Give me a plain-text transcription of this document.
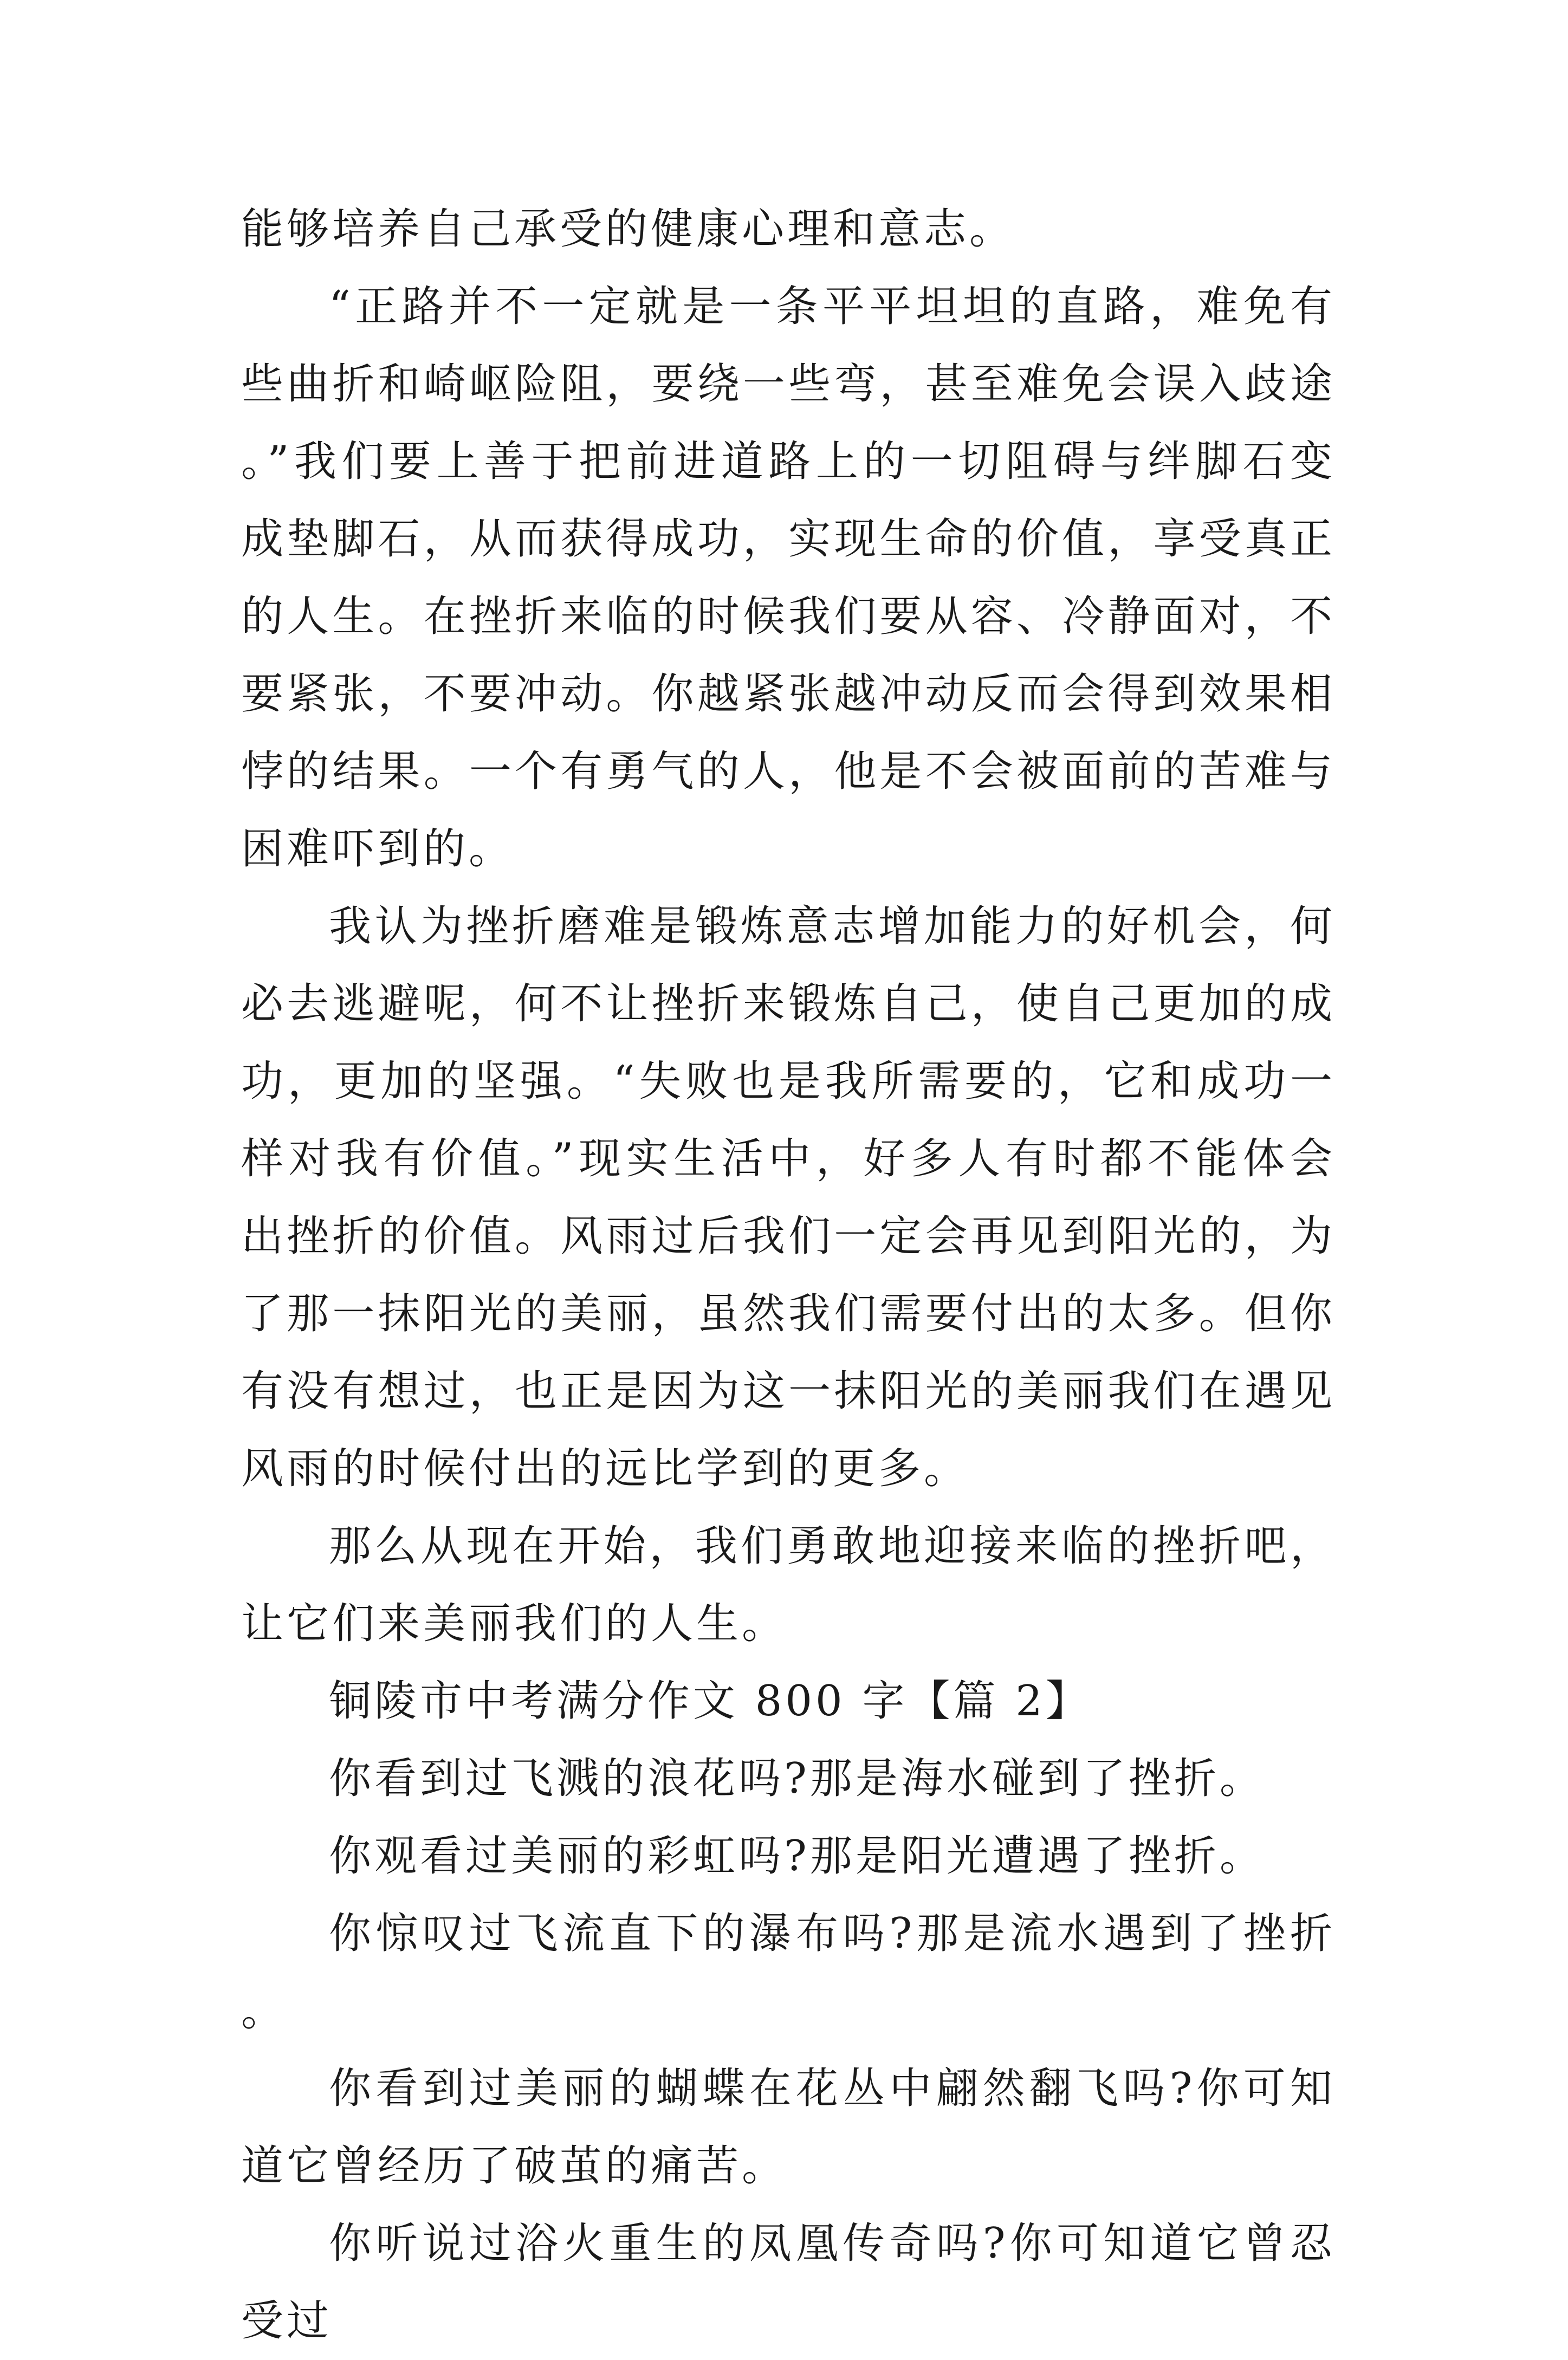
能够培养自己承受的健康心理和意志。

“正路并不一定就是一条平平坦坦的直路，难免有些曲折和崎岖险阻，要绕一些弯，甚至难免会误入歧途。”我们要上善于把前进道路上的一切阻碍与绊脚石变成垫脚石，从而获得成功，实现生命的价值，享受真正的人生。在挫折来临的时候我们要从容、冷静面对，不要紧张，不要冲动。你越紧张越冲动反而会得到效果相悖的结果。一个有勇气的人，他是不会被面前的苦难与困难吓到的。

我认为挫折磨难是锻炼意志增加能力的好机会，何必去逃避呢，何不让挫折来锻炼自己，使自己更加的成功，更加的坚强。“失败也是我所需要的，它和成功一样对我有价值。”现实生活中，好多人有时都不能体会出挫折的价值。风雨过后我们一定会再见到阳光的，为了那一抹阳光的美丽，虽然我们需要付出的太多。但你有没有想过，也正是因为这一抹阳光的美丽我们在遇见风雨的时候付出的远比学到的更多。

那么从现在开始，我们勇敢地迎接来临的挫折吧，让它们来美丽我们的人生。

铜陵市中考满分作文 800 字【篇 2】

你看到过飞溅的浪花吗?那是海水碰到了挫折。

你观看过美丽的彩虹吗?那是阳光遭遇了挫折。

你惊叹过飞流直下的瀑布吗?那是流水遇到了挫折。

你看到过美丽的蝴蝶在花丛中翩然翻飞吗?你可知道它曾经历了破茧的痛苦。

你听说过浴火重生的凤凰传奇吗?你可知道它曾忍受过
